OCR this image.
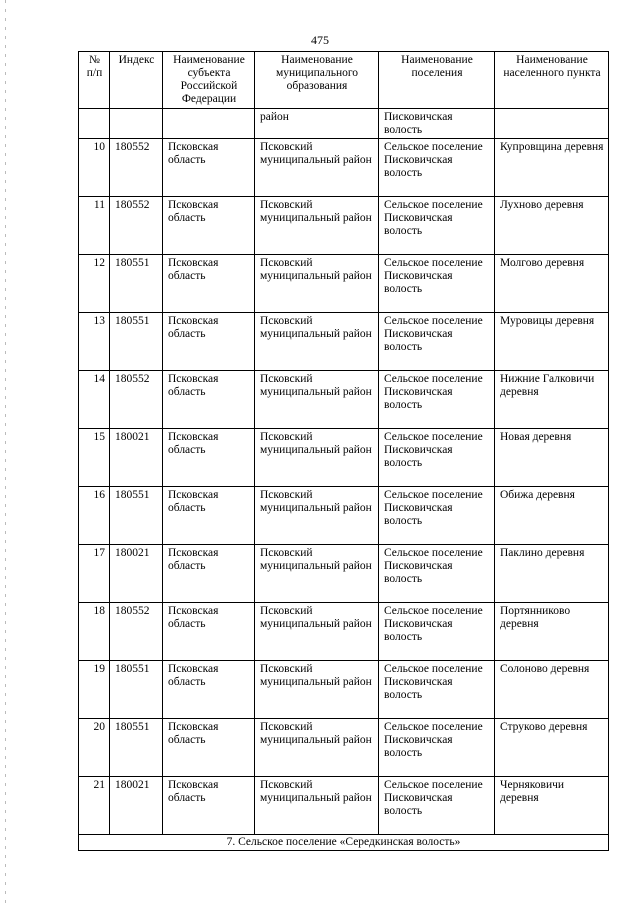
475
№ п/п	Индекс	Наименование субъекта Российской Федерации	Наименование муниципального образования	Наименование поселения	Наименование населенного пункта
			район	Писковичская волость	
10	180552	Псковская область	Псковский муниципальный район	Сельское поселение Писковичская волость	Купровщина деревня
11	180552	Псковская область	Псковский муниципальный район	Сельское поселение Писковичская волость	Лухново деревня
12	180551	Псковская область	Псковский муниципальный район	Сельское поселение Писковичская волость	Молгово деревня
13	180551	Псковская область	Псковский муниципальный район	Сельское поселение Писковичская волость	Муровицы деревня
14	180552	Псковская область	Псковский муниципальный район	Сельское поселение Писковичская волость	Нижние Галковичи деревня
15	180021	Псковская область	Псковский муниципальный район	Сельское поселение Писковичская волость	Новая деревня
16	180551	Псковская область	Псковский муниципальный район	Сельское поселение Писковичская волость	Обижа деревня
17	180021	Псковская область	Псковский муниципальный район	Сельское поселение Писковичская волость	Паклино деревня
18	180552	Псковская область	Псковский муниципальный район	Сельское поселение Писковичская волость	Портянниково деревня
19	180551	Псковская область	Псковский муниципальный район	Сельское поселение Писковичская волость	Солоново деревня
20	180551	Псковская область	Псковский муниципальный район	Сельское поселение Писковичская волость	Струково деревня
21	180021	Псковская область	Псковский муниципальный район	Сельское поселение Писковичская волость	Черняковичи деревня
7. Сельское поселение «Середкинская волость»					
